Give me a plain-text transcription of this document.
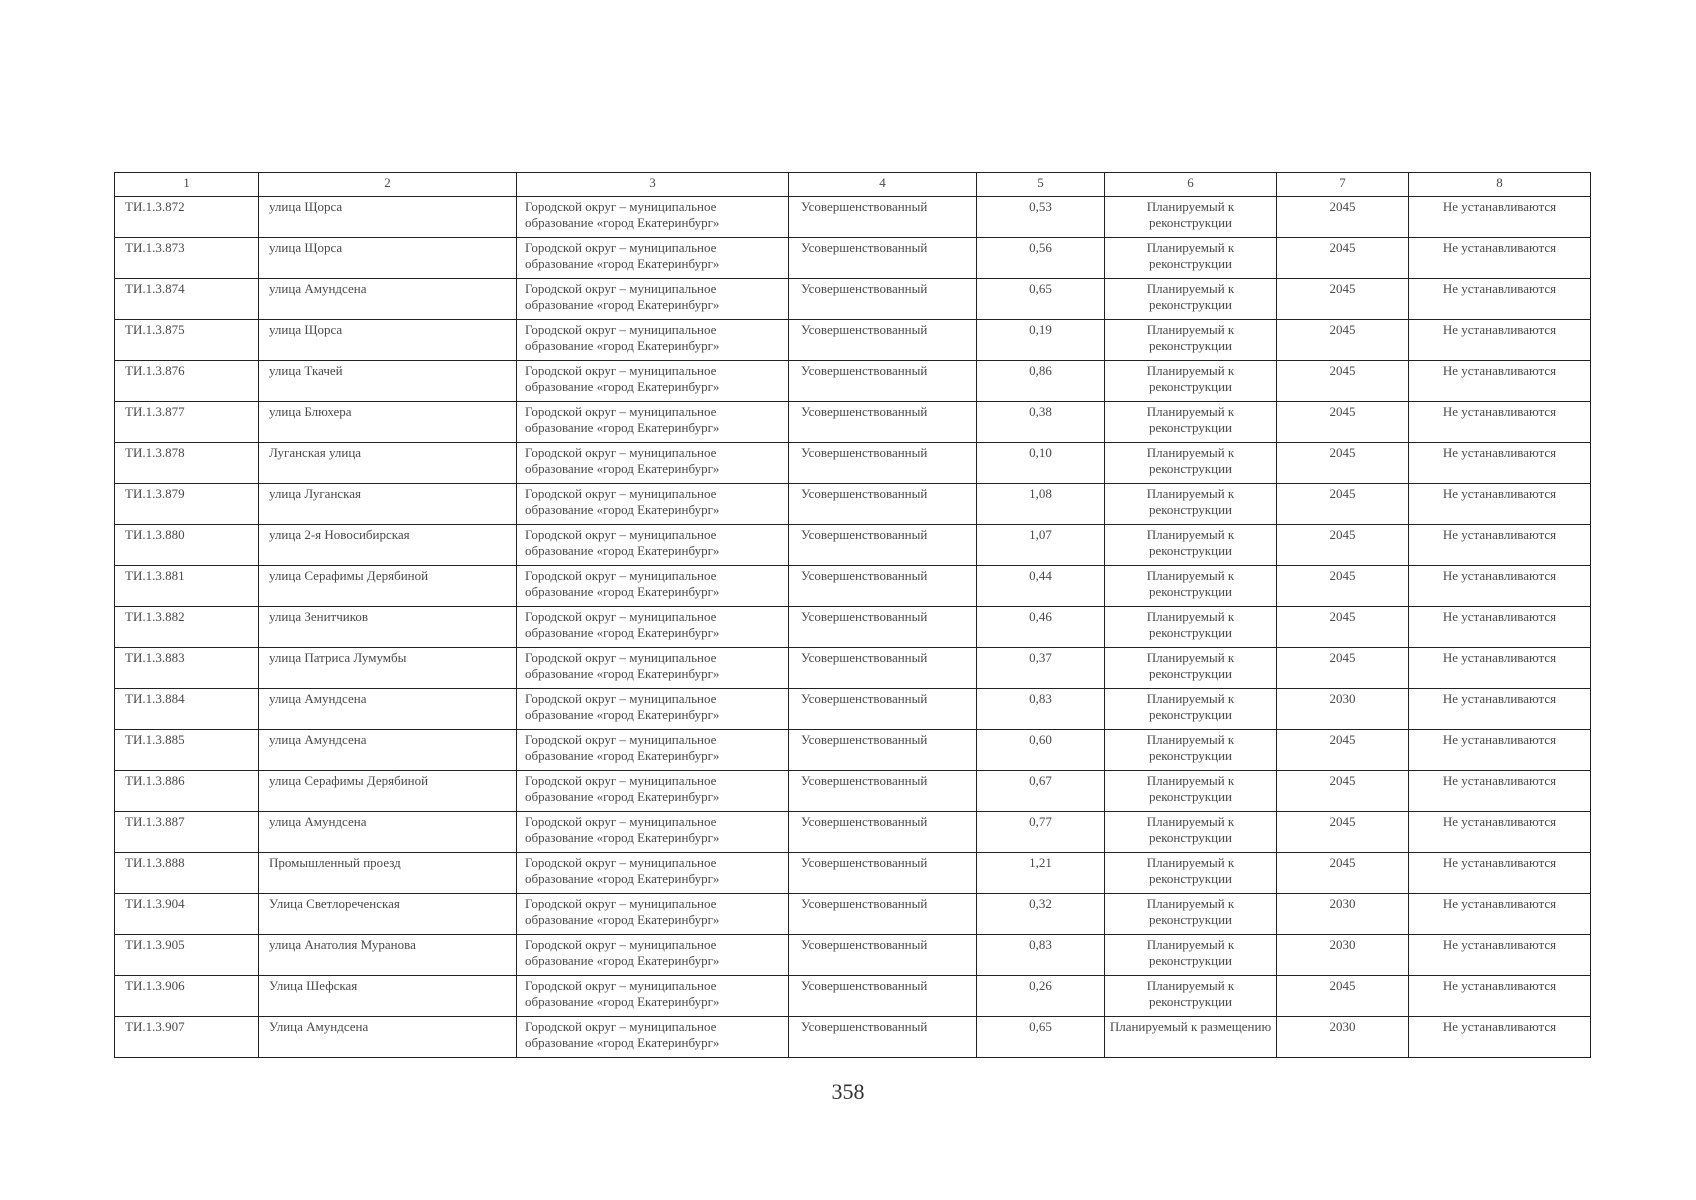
1	2	3	4	5	6	7	8
ТИ.1.3.872	улица Щорса	Городской округ – муниципальное образование «город Екатеринбург»	Усовершенствованный	0,53	Планируемый к реконструкции	2045	Не устанавливаются
ТИ.1.3.873	улица Щорса	Городской округ – муниципальное образование «город Екатеринбург»	Усовершенствованный	0,56	Планируемый к реконструкции	2045	Не устанавливаются
ТИ.1.3.874	улица Амундсена	Городской округ – муниципальное образование «город Екатеринбург»	Усовершенствованный	0,65	Планируемый к реконструкции	2045	Не устанавливаются
ТИ.1.3.875	улица Щорса	Городской округ – муниципальное образование «город Екатеринбург»	Усовершенствованный	0,19	Планируемый к реконструкции	2045	Не устанавливаются
ТИ.1.3.876	улица Ткачей	Городской округ – муниципальное образование «город Екатеринбург»	Усовершенствованный	0,86	Планируемый к реконструкции	2045	Не устанавливаются
ТИ.1.3.877	улица Блюхера	Городской округ – муниципальное образование «город Екатеринбург»	Усовершенствованный	0,38	Планируемый к реконструкции	2045	Не устанавливаются
ТИ.1.3.878	Луганская улица	Городской округ – муниципальное образование «город Екатеринбург»	Усовершенствованный	0,10	Планируемый к реконструкции	2045	Не устанавливаются
ТИ.1.3.879	улица Луганская	Городской округ – муниципальное образование «город Екатеринбург»	Усовершенствованный	1,08	Планируемый к реконструкции	2045	Не устанавливаются
ТИ.1.3.880	улица 2-я Новосибирская	Городской округ – муниципальное образование «город Екатеринбург»	Усовершенствованный	1,07	Планируемый к реконструкции	2045	Не устанавливаются
ТИ.1.3.881	улица Серафимы Дерябиной	Городской округ – муниципальное образование «город Екатеринбург»	Усовершенствованный	0,44	Планируемый к реконструкции	2045	Не устанавливаются
ТИ.1.3.882	улица Зенитчиков	Городской округ – муниципальное образование «город Екатеринбург»	Усовершенствованный	0,46	Планируемый к реконструкции	2045	Не устанавливаются
ТИ.1.3.883	улица Патриса Лумумбы	Городской округ – муниципальное образование «город Екатеринбург»	Усовершенствованный	0,37	Планируемый к реконструкции	2045	Не устанавливаются
ТИ.1.3.884	улица Амундсена	Городской округ – муниципальное образование «город Екатеринбург»	Усовершенствованный	0,83	Планируемый к реконструкции	2030	Не устанавливаются
ТИ.1.3.885	улица Амундсена	Городской округ – муниципальное образование «город Екатеринбург»	Усовершенствованный	0,60	Планируемый к реконструкции	2045	Не устанавливаются
ТИ.1.3.886	улица Серафимы Дерябиной	Городской округ – муниципальное образование «город Екатеринбург»	Усовершенствованный	0,67	Планируемый к реконструкции	2045	Не устанавливаются
ТИ.1.3.887	улица Амундсена	Городской округ – муниципальное образование «город Екатеринбург»	Усовершенствованный	0,77	Планируемый к реконструкции	2045	Не устанавливаются
ТИ.1.3.888	Промышленный проезд	Городской округ – муниципальное образование «город Екатеринбург»	Усовершенствованный	1,21	Планируемый к реконструкции	2045	Не устанавливаются
ТИ.1.3.904	Улица Светлореченская	Городской округ – муниципальное образование «город Екатеринбург»	Усовершенствованный	0,32	Планируемый к реконструкции	2030	Не устанавливаются
ТИ.1.3.905	улица Анатолия Муранова	Городской округ – муниципальное образование «город Екатеринбург»	Усовершенствованный	0,83	Планируемый к реконструкции	2030	Не устанавливаются
ТИ.1.3.906	Улица Шефская	Городской округ – муниципальное образование «город Екатеринбург»	Усовершенствованный	0,26	Планируемый к реконструкции	2045	Не устанавливаются
ТИ.1.3.907	Улица Амундсена	Городской округ – муниципальное образование «город Екатеринбург»	Усовершенствованный	0,65	Планируемый к размещению	2030	Не устанавливаются
358
